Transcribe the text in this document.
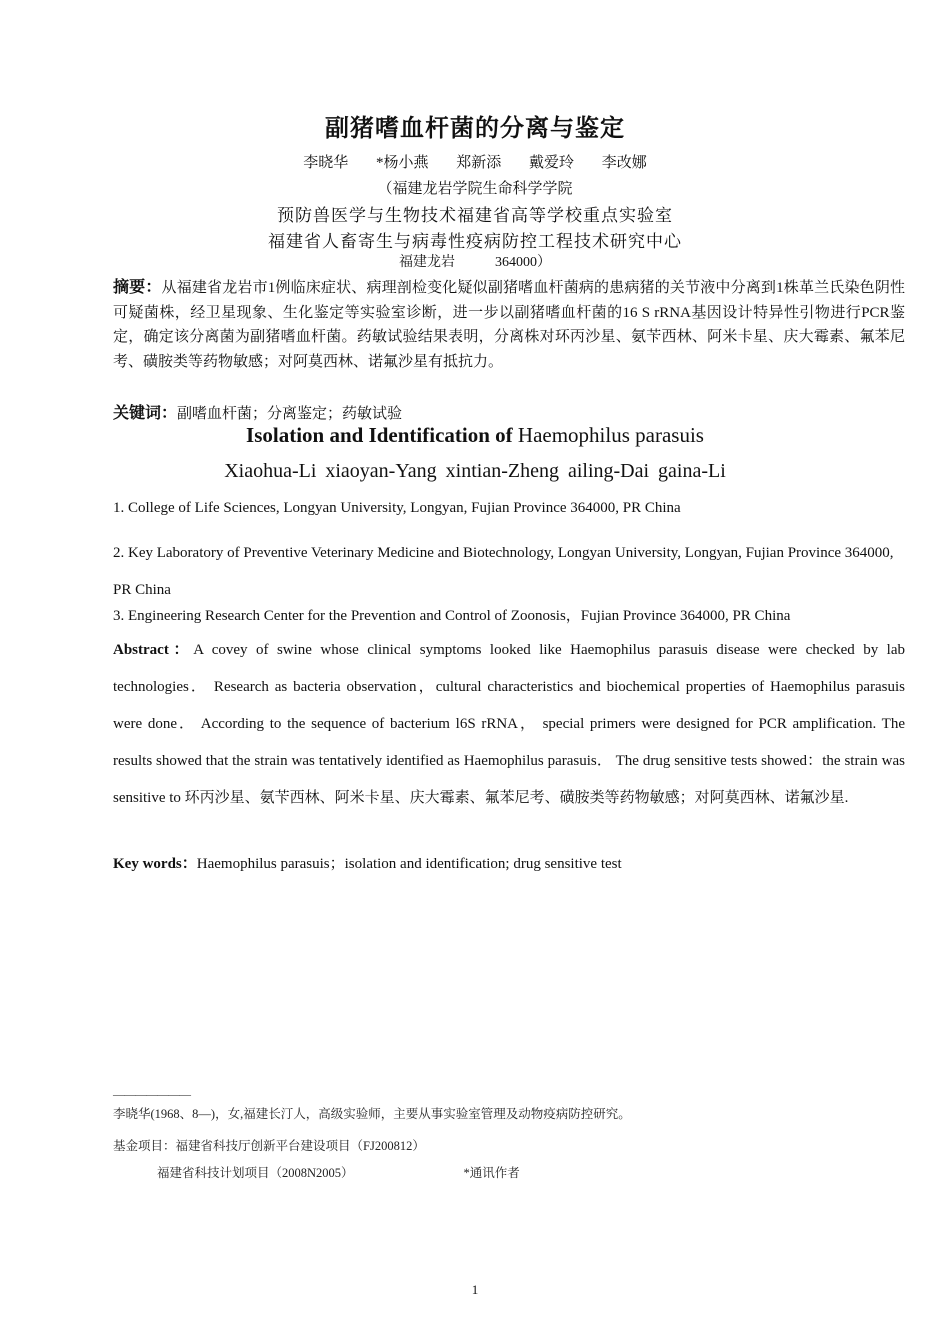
副猪嗜血杆菌的分离与鉴定
李晓华 *杨小燕 郑新添 戴爱玲 李改娜
（福建龙岩学院生命科学学院
预防兽医学与生物技术福建省高等学校重点实验室
福建省人畜寄生与病毒性疫病防控工程技术研究中心
福建龙岩	364000）
摘要：从福建省龙岩市1例临床症状、病理剖检变化疑似副猪嗜血杆菌病的患病猪的关节液中分离到1株革兰氏染色阴性可疑菌株，经卫星现象、生化鉴定等实验室诊断，进一步以副猪嗜血杆菌的16 S rRNA基因设计特异性引物进行PCR鉴定，确定该分离菌为副猪嗜血杆菌。药敏试验结果表明，分离株对环丙沙星、氨苄西林、阿米卡星、庆大霉素、氟苯尼考、磺胺类等药物敏感；对阿莫西林、诺氟沙星有抵抗力。
关键词：副嗜血杆菌；分离鉴定；药敏试验
Isolation and Identification of Haemophilus parasuis
Xiaohua-Li xiaoyan-Yang xintian-Zheng ailing-Dai gaina-Li
1. College of Life Sciences, Longyan University, Longyan, Fujian Province 364000, PR China
2. Key Laboratory of Preventive Veterinary Medicine and Biotechnology, Longyan University, Longyan, Fujian Province 364000, PR China
3. Engineering Research Center for the Prevention and Control of Zoonosis，Fujian Province 364000, PR China
Abstract：A covey of swine whose clinical symptoms looked like Haemophilus parasuis disease were checked by lab technologies． Research as bacteria observation，cultural characteristics and biochemical properties of Haemophilus parasuis were done． According to the sequence of bacterium l6S rRNA， special primers were designed for PCR amplification. The results showed that the strain was tentatively identified as Haemophilus parasuis． The drug sensitive tests showed：the strain was sensitive to 环丙沙星、氨苄西林、阿米卡星、庆大霉素、氟苯尼考、磺胺类等药物敏感；对阿莫西林、诺氟沙星.
Key words：Haemophilus parasuis；isolation and identification; drug sensitive test
———————
李晓华(1968、8—)，女,福建长汀人，高级实验师，主要从事实验室管理及动物疫病防控研究。
基金项目：福建省科技厅创新平台建设项目（FJ200812）
福建省科技计划项目（2008N2005）	*通讯作者
1
